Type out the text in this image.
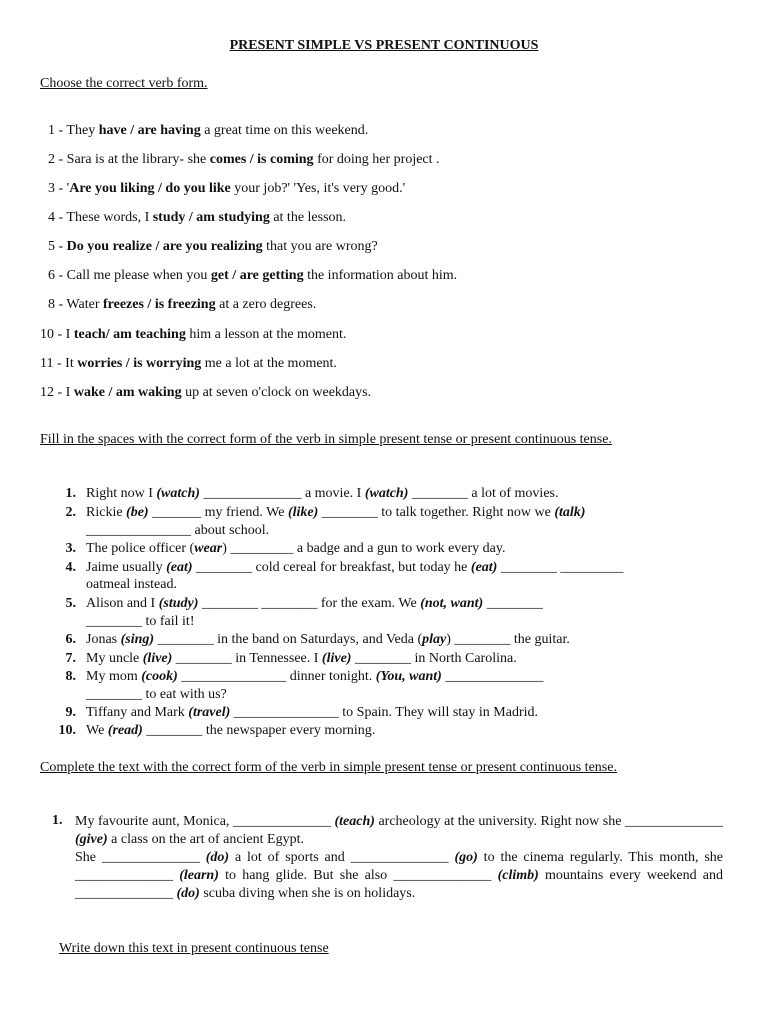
PRESENT SIMPLE VS PRESENT CONTINUOUS
Choose the correct verb form.
1 - They have / are having a great time on this weekend.
2 - Sara is at the library- she comes / is coming for doing her project .
3 - 'Are you liking / do you like your job?' 'Yes, it's very good.'
4 - These words, I study / am studying at the lesson.
5 - Do you realize / are you realizing that you are wrong?
6 - Call me please when you get / are getting the information about him.
8 - Water freezes / is freezing at a zero degrees.
10 - I teach/ am teaching him a lesson at the moment.
11 - It worries / is worrying me a lot at the moment.
12 - I wake / am waking up at seven o'clock on weekdays.
Fill in the spaces with the correct form of the verb in simple present tense or present continuous tense.
1. Right now I (watch) ______________ a movie. I (watch) ________ a lot of movies.
2. Rickie (be) _______ my friend. We (like) ________ to talk together. Right now we (talk)
_______________ about school.
3. The police officer (wear) _________ a badge and a gun to work every day.
4. Jaime usually (eat) ________ cold cereal for breakfast, but today he (eat) ________ _________
oatmeal instead.
5. Alison and I (study) ________ ________ for the exam. We (not, want) ________
________ to fail it!
6. Jonas (sing) ________ in the band on Saturdays, and Veda (play) ________ the guitar.
7. My uncle (live) ________ in Tennessee. I (live) ________ in North Carolina.
8. My mom (cook) _______________ dinner tonight. (You, want) ______________
________ to eat with us?
9. Tiffany and Mark (travel) _______________ to Spain. They will stay in Madrid.
10. We (read) ________ the newspaper every morning.
Complete the text with the correct form of the verb in simple present tense or present continuous tense.
1. My favourite aunt, Monica, ______________ (teach) archeology at the university. Right now she ______________ (give) a class on the art of ancient Egypt.
She ______________ (do) a lot of sports and ______________ (go) to the cinema regularly. This month, she ______________ (learn) to hang glide. But she also ______________ (climb) mountains every weekend and ______________ (do) scuba diving when she is on holidays.
Write down this text in present continuous tense
